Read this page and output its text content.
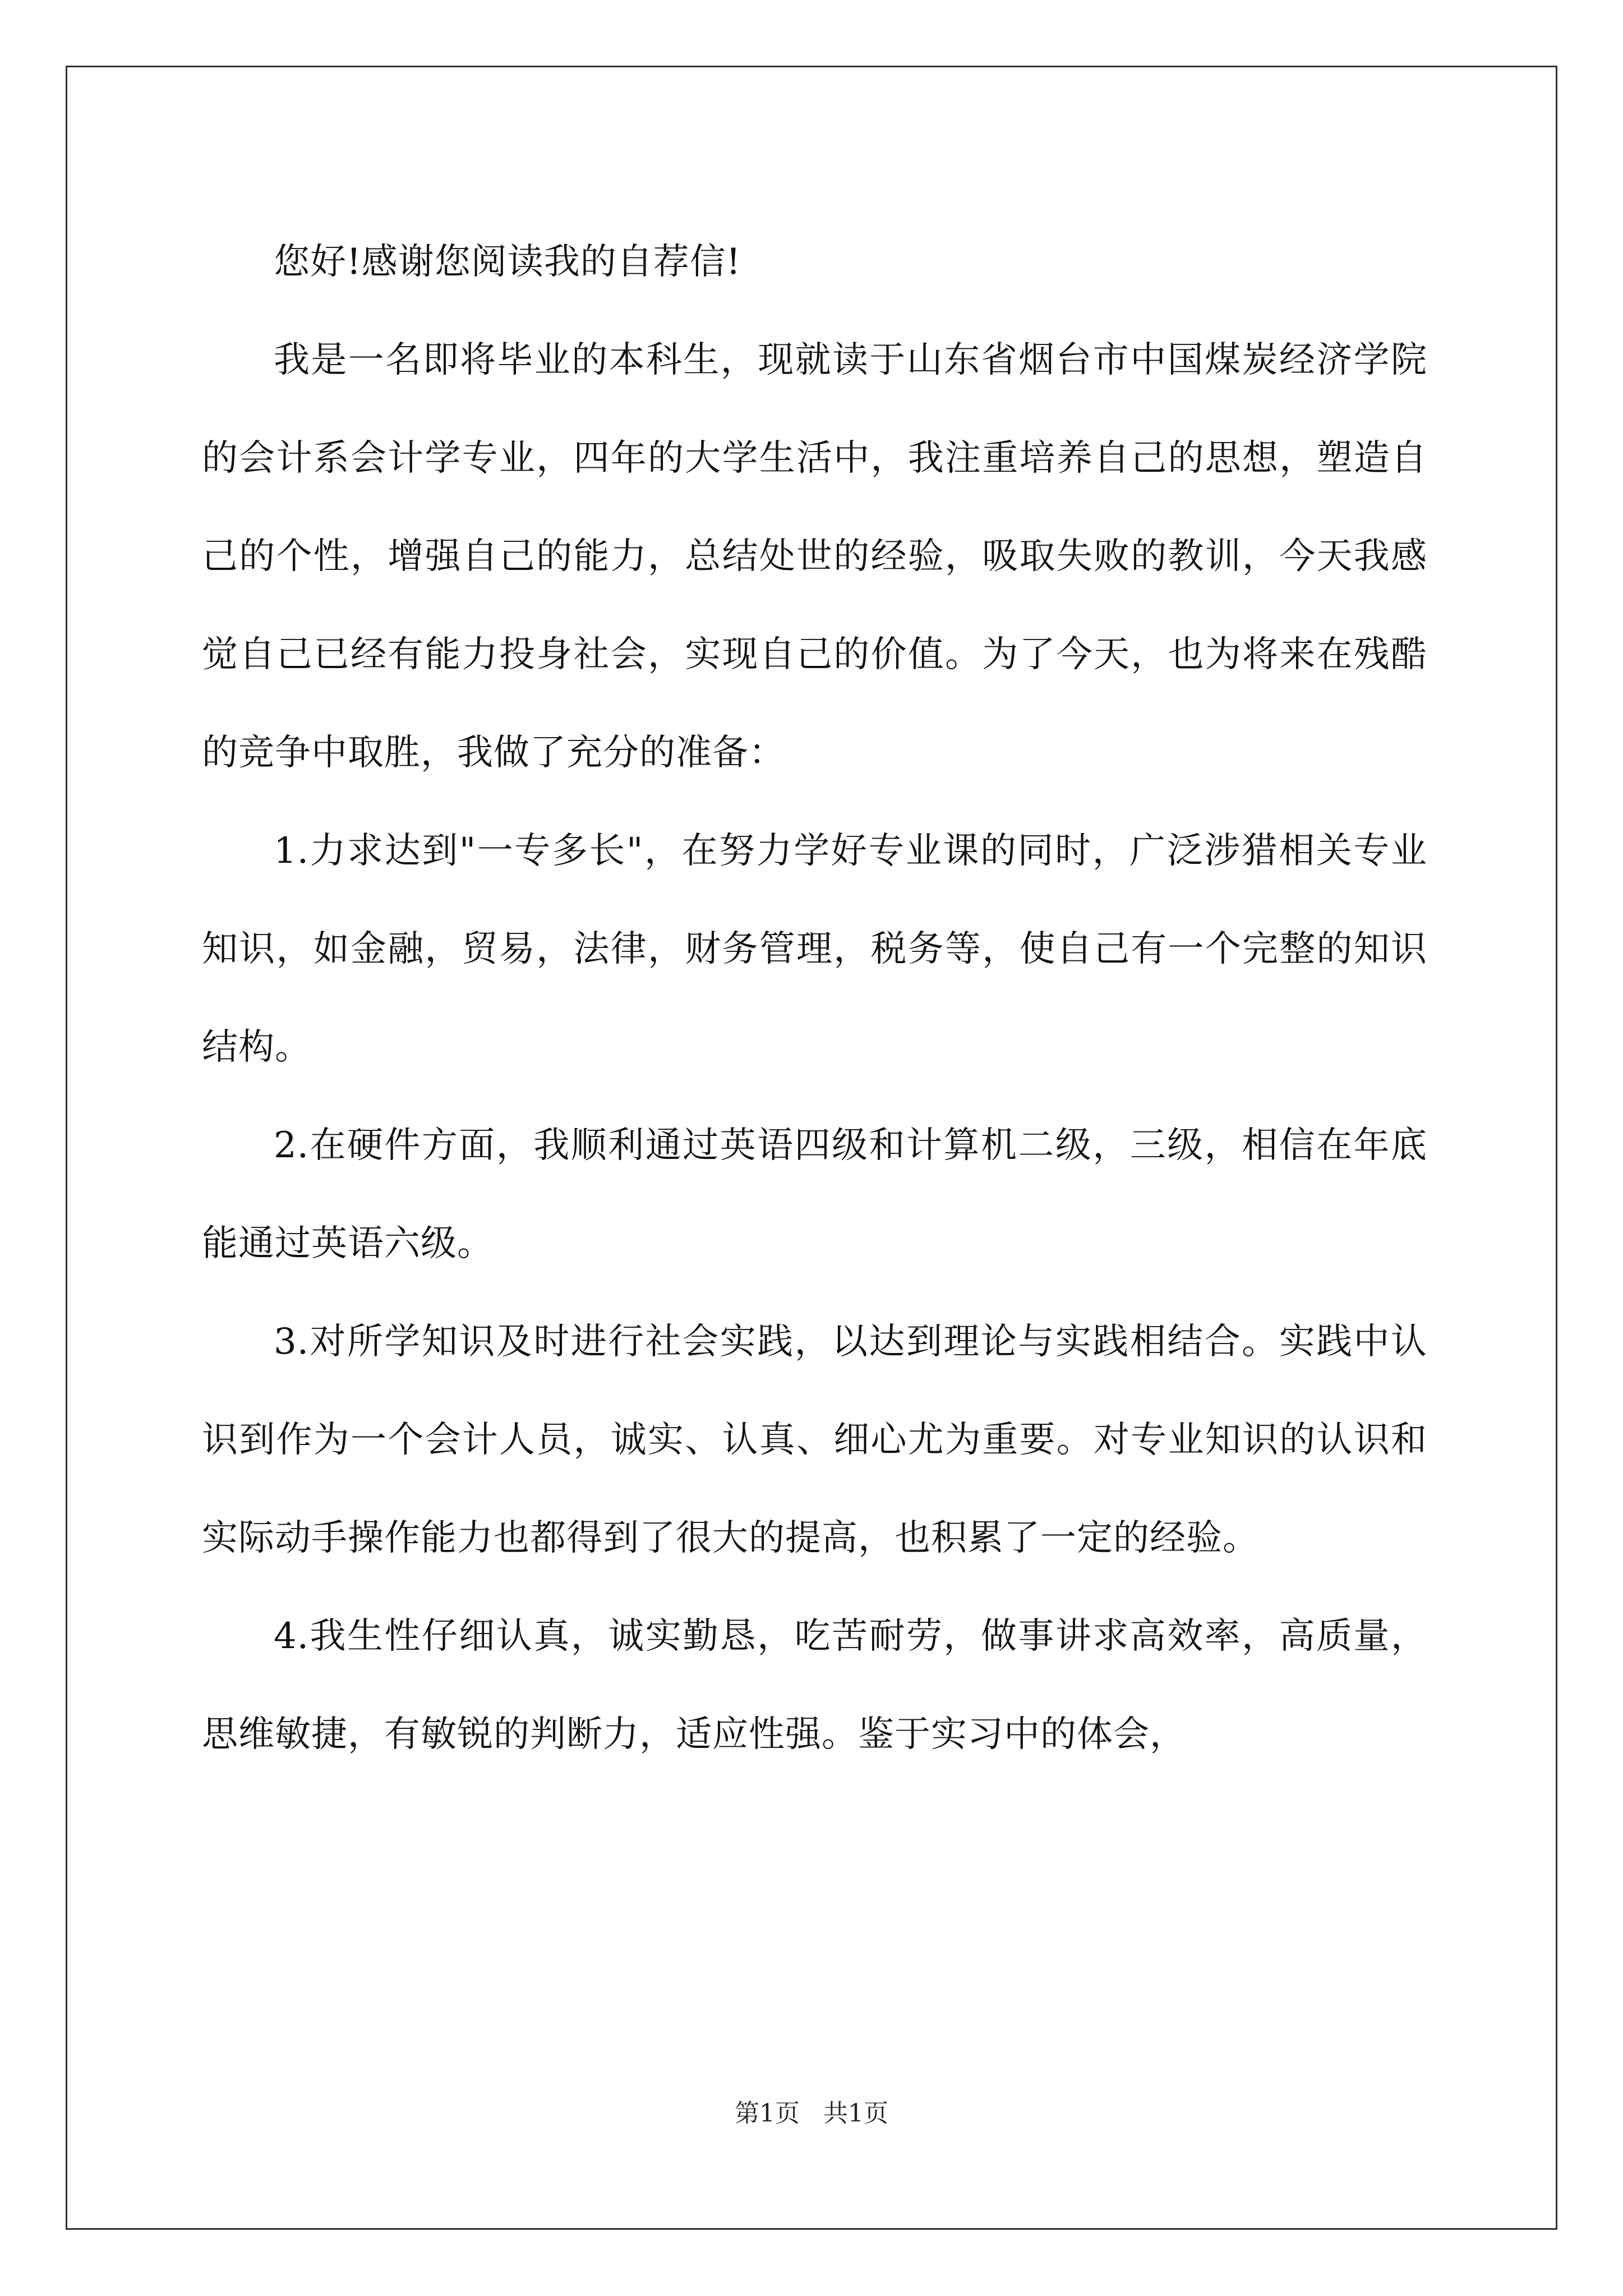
您好!感谢您阅读我的自荐信!

我是一名即将毕业的本科生，现就读于山东省烟台市中国煤炭经济学院的会计系会计学专业，四年的大学生活中，我注重培养自己的思想，塑造自己的个性，增强自己的能力，总结处世的经验，吸取失败的教训，今天我感觉自己已经有能力投身社会，实现自己的价值。为了今天，也为将来在残酷的竞争中取胜，我做了充分的准备：

1.力求达到"一专多长"，在努力学好专业课的同时，广泛涉猎相关专业知识，如金融，贸易，法律，财务管理，税务等，使自己有一个完整的知识结构。

2.在硬件方面，我顺利通过英语四级和计算机二级，三级，相信在年底能通过英语六级。

3.对所学知识及时进行社会实践，以达到理论与实践相结合。实践中认识到作为一个会计人员，诚实、认真、细心尤为重要。对专业知识的认识和实际动手操作能力也都得到了很大的提高，也积累了一定的经验。

4.我生性仔细认真，诚实勤恳，吃苦耐劳，做事讲求高效率，高质量，思维敏捷，有敏锐的判断力，适应性强。鉴于实习中的体会，

第1页 共1页
